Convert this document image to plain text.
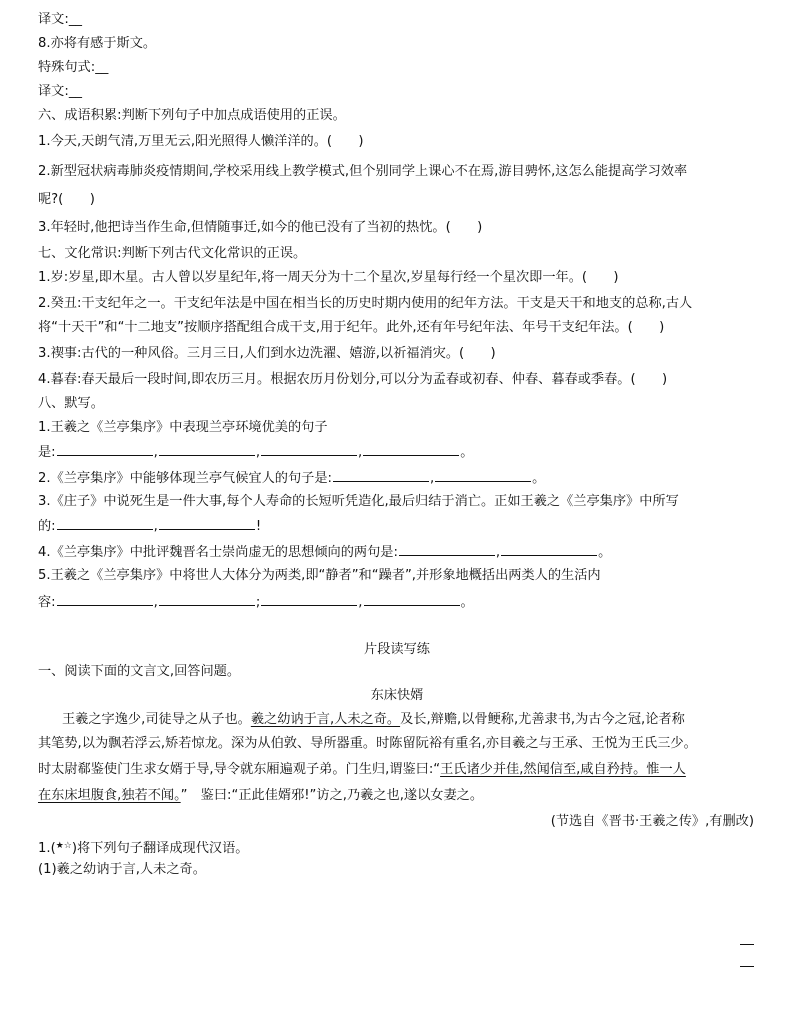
译文:__
8.亦将有感于斯文。
特殊句式:__
译文:__
六、成语积累:判断下列句子中加点成语使用的正误。
1.今天,天朗气清,万里无云,阳光照得人懒洋洋的。(　　)
2.新型冠状病毒肺炎疫情期间,学校采用线上教学模式,但个别同学上课心不在焉,游目骋怀,这怎么能提高学习效率
呢?(　　)
3.年轻时,他把诗当作生命,但情随事迁,如今的他已没有了当初的热忱。(　　)
七、文化常识:判断下列古代文化常识的正误。
1.岁:岁星,即木星。古人曾以岁星纪年,将一周天分为十二个星次,岁星每行经一个星次即一年。(　　)
2.癸丑:干支纪年之一。干支纪年法是中国在相当长的历史时期内使用的纪年方法。干支是天干和地支的总称,古人
将“十天干”和“十二地支”按顺序搭配组合成干支,用于纪年。此外,还有年号纪年法、年号干支纪年法。(　　)
3.禊事:古代的一种风俗。三月三日,人们到水边洗濯、嬉游,以祈福消灾。(　　)
4.暮春:春天最后一段时间,即农历三月。根据农历月份划分,可以分为孟春或初春、仲春、暮春或季春。(　　)
八、默写。
1.王羲之《兰亭集序》中表现兰亭环境优美的句子
是:	,	,	,	。
2.《兰亭集序》中能够体现兰亭气候宜人的句子是:	,	。
3.《庄子》中说死生是一件大事,每个人寿命的长短听凭造化,最后归结于消亡。正如王羲之《兰亭集序》中所写
的:	,	!
4.《兰亭集序》中批评魏晋名士崇尚虚无的思想倾向的两句是:	,	。
5.王羲之《兰亭集序》中将世人大体分为两类,即“静者”和“躁者”,并形象地概括出两类人的生活内
容:	,	;	,	。
片段读写练
一、阅读下面的文言文,回答问题。
东床快婿
王羲之字逸少,司徒导之从子也。羲之幼讷于言,人未之奇。及长,辩赡,以骨鲠称,尤善隶书,为古今之冠,论者称
其笔势,以为飘若浮云,矫若惊龙。深为从伯敦、导所器重。时陈留阮裕有重名,亦目羲之与王承、王悦为王氏三少。
时太尉郗鉴使门生求女婿于导,导令就东厢遍观子弟。门生归,谓鉴曰:“王氏诸少并佳,然闻信至,咸自矜持。惟一人
在东床坦腹食,独若不闻。”　鉴曰:“正此佳婿邪!”访之,乃羲之也,遂以女妻之。
(节选自《晋书·王羲之传》,有删改)
1.(★☆)将下列句子翻译成现代汉语。
(1)羲之幼讷于言,人未之奇。
